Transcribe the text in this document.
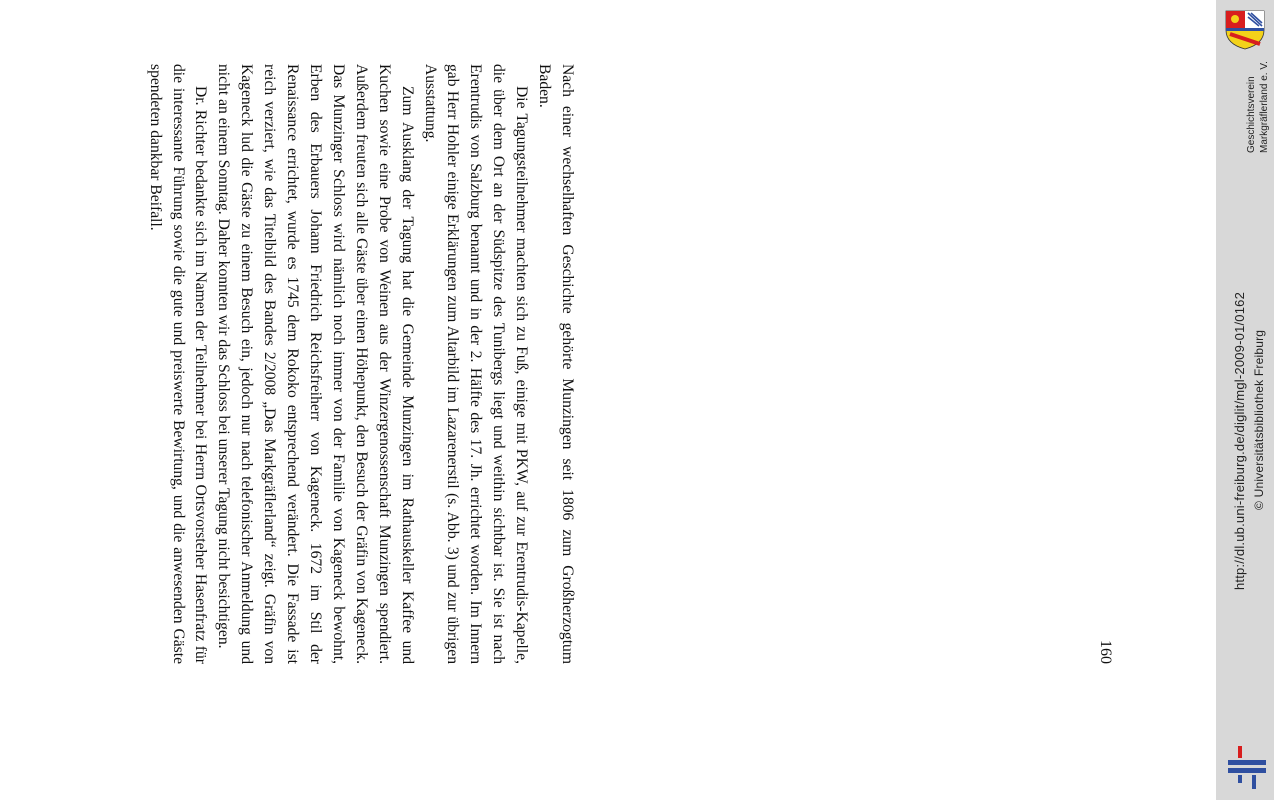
Nach einer wechselhaften Geschichte gehörte Munzingen seit 1806 zum Großherzogtum Baden.

Die Tagungsteilnehmer machten sich zu Fuß, einige mit PKW, auf zur Erentrudis-Kapelle, die über dem Ort an der Südspitze des Tunibergs liegt und weithin sichtbar ist. Sie ist nach Erentrudis von Salzburg benannt und in der 2. Hälfte des 17. Jh. errichtet worden. Im Innern gab Herr Hohler einige Erklärungen zum Altarbild im Lazarenerstil (s. Abb. 3) und zur übrigen Ausstattung.

Zum Ausklang der Tagung hat die Gemeinde Munzingen im Rathauskeller Kaffee und Kuchen sowie eine Probe von Weinen aus der Winzergenossenschaft Munzingen spendiert. Außerdem freuten sich alle Gäste über einen Höhepunkt, den Besuch der Gräfin von Kageneck. Das Munzinger Schloss wird nämlich noch immer von der Familie von Kageneck bewohnt, Erben des Erbauers Johann Friedrich Reichsfreiherr von Kageneck. 1672 im Stil der Renaissance errichtet, wurde es 1745 dem Rokoko entsprechend verändert. Die Fassade ist reich verziert, wie das Titelbild des Bandes 2/2008 „Das Markgräflerland“ zeigt. Gräfin von Kageneck lud die Gäste zu einem Besuch ein, jedoch nur nach telefonischer Anmeldung und nicht an einem Sonntag. Daher konnten wir das Schloss bei unserer Tagung nicht besichtigen.

Dr. Richter bedankte sich im Namen der Teilnehmer bei Herrn Ortsvorsteher Hasenfratz für die interessante Führung sowie die gute und preiswerte Bewirtung, und die anwesenden Gäste spendeten dankbar Beifall.

160
Geschichtsverein Markgräflerland e. V.
http://dl.ub.uni-freiburg.de/diglit/mgl-2009-01/0162 © Universitätsbibliothek Freiburg
